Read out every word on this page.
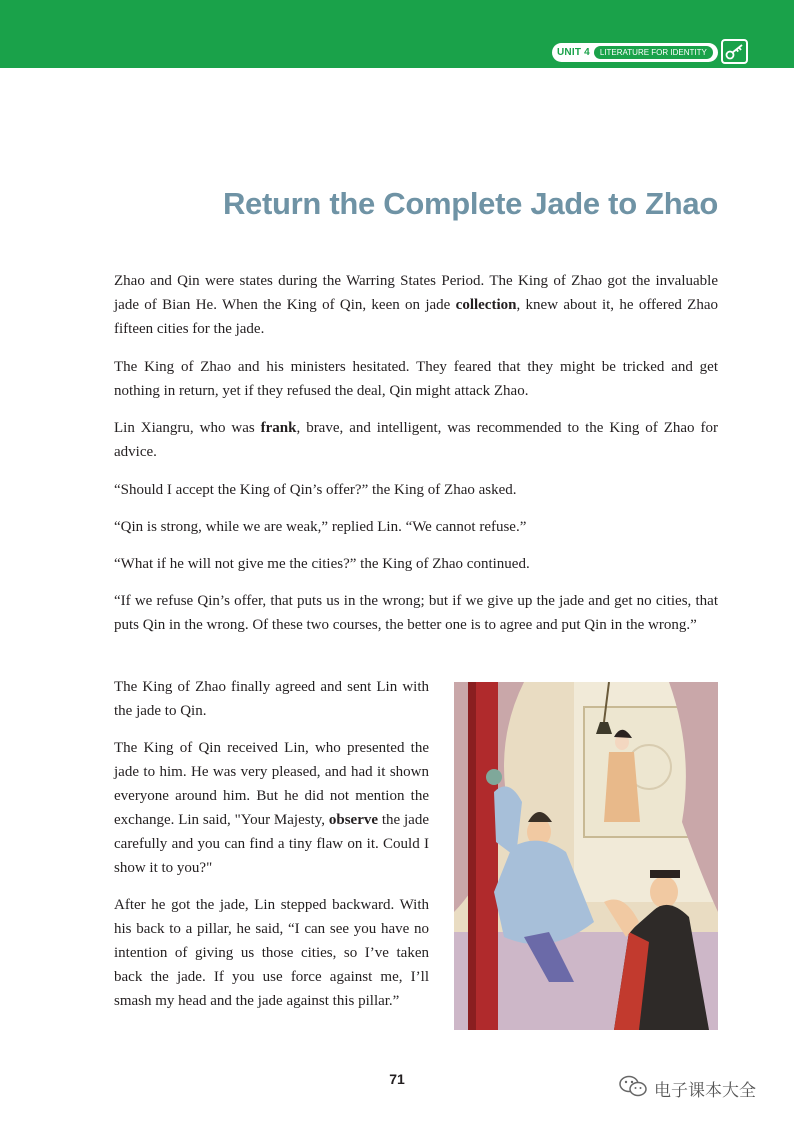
UNIT 4	LITERATURE FOR IDENTITY
Return the Complete Jade to Zhao

Zhao and Qin were states during the Warring States Period. The King of Zhao got the invaluable jade of Bian He. When the King of Qin, keen on jade collection, knew about it, he offered Zhao fifteen cities for the jade.

The King of Zhao and his ministers hesitated. They feared that they might be tricked and get nothing in return, yet if they refused the deal, Qin might attack Zhao.

Lin Xiangru, who was frank, brave, and intelligent, was recommended to the King of Zhao for advice.

“Should I accept the King of Qin’s offer?” the King of Zhao asked.

“Qin is strong, while we are weak,” replied Lin. “We cannot refuse.”

“What if he will not give me the cities?” the King of Zhao continued.

“If we refuse Qin’s offer, that puts us in the wrong; but if we give up the jade and get no cities, that puts Qin in the wrong. Of these two courses, the better one is to agree and put Qin in the wrong.”

The King of Zhao finally agreed and sent Lin with the jade to Qin.

The King of Qin received Lin, who presented the jade to him. He was very pleased, and had it shown everyone around him. But he did not mention the exchange. Lin said, "Your Majesty, observe the jade carefully and you can find a tiny flaw on it. Could I show it to you?"

After he got the jade, Lin stepped backward. With his back to a pillar, he said, “I can see you have no intention of giving us those cities, so I’ve taken back the jade. If you use force against me, I’ll smash my head and the jade against this pillar.”

71
电子课本大全
